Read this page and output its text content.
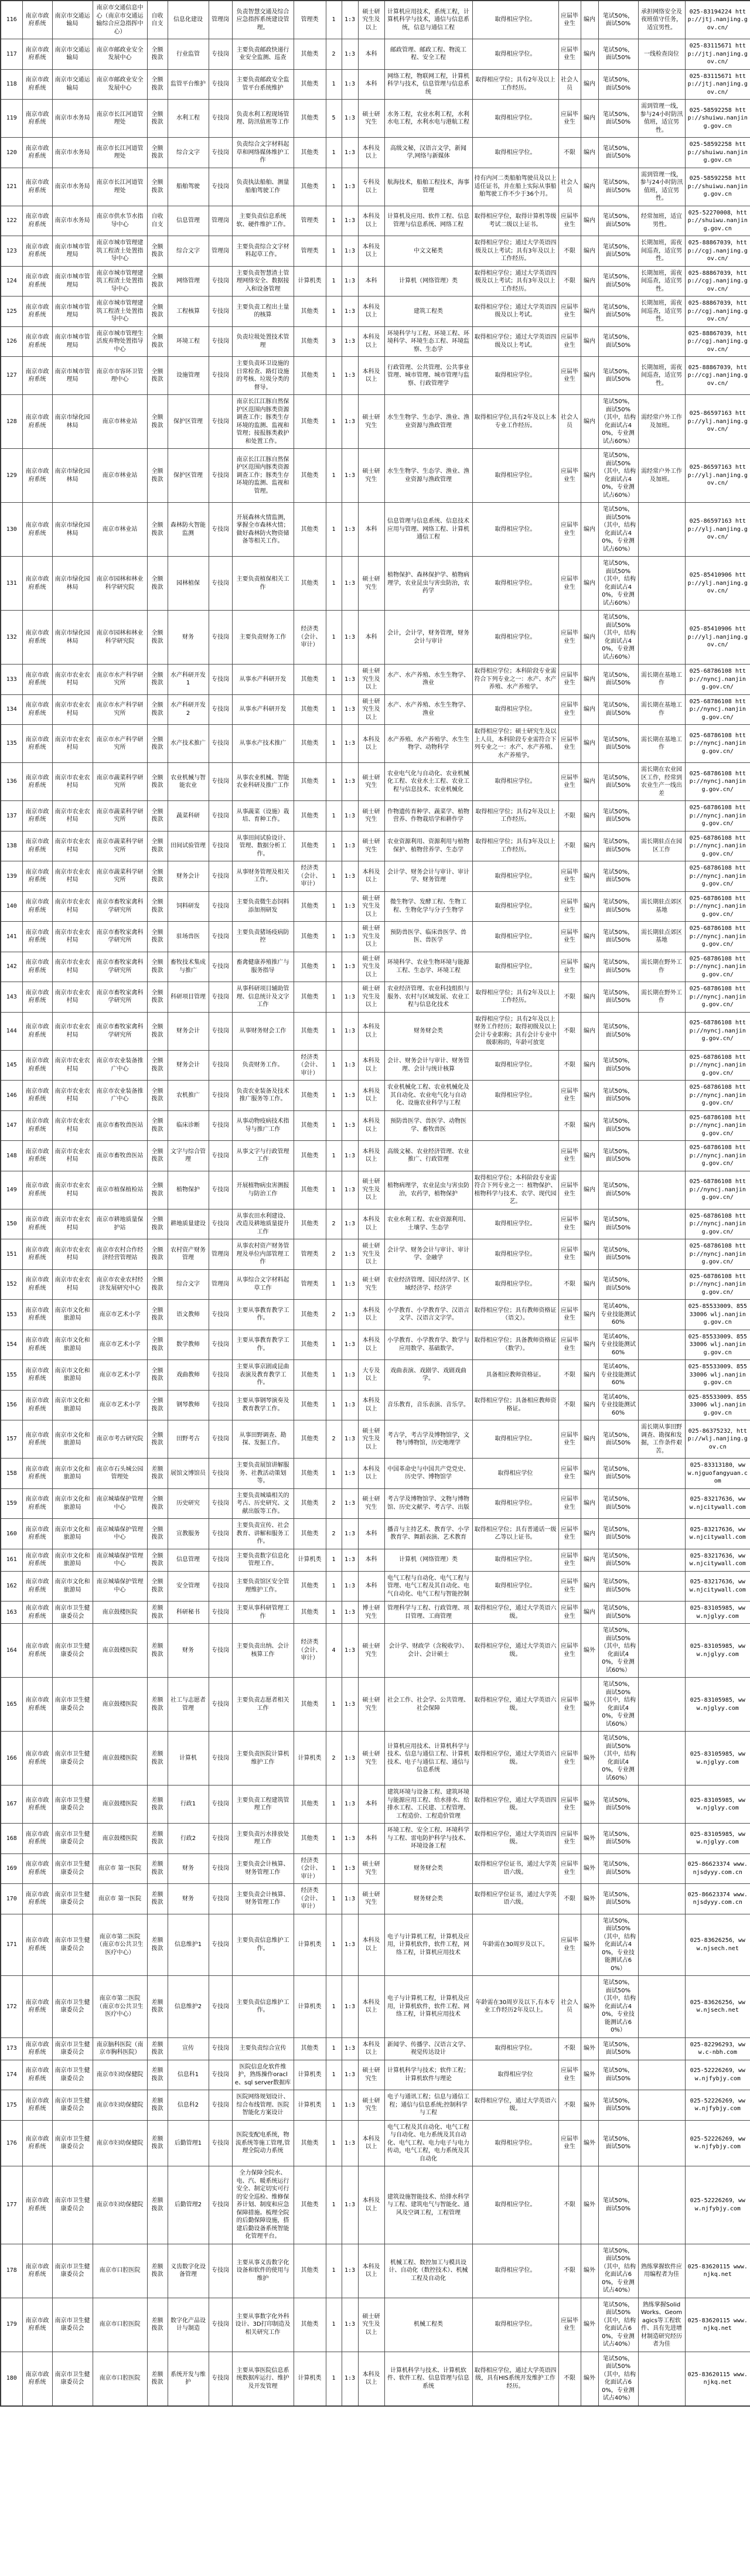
116	南京市政府系统	南京市交通运输局	南京市交通信息中心（南京市交通运输综合应急指挥中心）	自收自支	信息化建设	管理岗	负责智慧交通及综合应急指挥系统建设管理。	管理类	1	1:3	硕士研究生及以上	计算机应用技术，系统工程，计算机科学与技术，通信与信息系统，信息与通信工程	取得相应学位。	应届毕业生	编内	笔试50%，面试50%	承担网络安全及夜班值守任务，适宜男性。	025-83194224 http://jtj.nanjing.gov.cn/
117	南京市政府系统	南京市交通运输局	南京市邮政业安全发展中心	全额拨款	行业监管	专技岗	主要负责邮政快递行业安全监测、巡查	其他类	2	1:3	本科	邮政管理、邮政工程、物流工程、安全工程	取得相应学位。	应届毕业生	编内	笔试50%，面试50%	一线检查岗位	025-83115671 http://jtj.nanjing.gov.cn/
118	南京市政府系统	南京市交通运输局	南京市邮政业安全发展中心	全额拨款	监管平台维护	专技岗	主要负责邮政安全监管平台系统维护	其他类	1	1:3	本科	网络工程，物联网工程，计算机科学与技术，信息管理与信息系统	取得相应学位；具有2年及以上工作经历。	社会人员	编内	笔试50%，面试50%		025-83115671 http://jtj.nanjing.gov.cn/
119	南京市政府系统	南京市水务局	南京市长江河道管理处	全额拨款	水利工程	专技岗	负责水利工程现场管理、防汛值班等工作	其他类	5	1:3	硕士研究生	水务工程，农业水利工程，水利水电工程，水利水电与港航工程	取得相应学位。	应届毕业生	编内	笔试50%，面试50%	需到管理一线，参与24小时防汛值班，适宜男性。	025-58592258 http://shuiwu.nanjing.gov.cn
120	南京市政府系统	南京市水务局	南京市长江河道管理处	全额拨款	综合文字	专技岗	负责综合文字材料起草和网络媒体维护工作	其他类	1	1:3	本科及以上	高级文秘，汉语言文学，新闻学,网络与新媒体	取得相应学位。	不限	编内	笔试50%，面试50%		025-58592258 http://shuiwu.nanjing.gov.cn
121	南京市政府系统	南京市水务局	南京市长江河道管理处	全额拨款	船舶驾驶	专技岗	负责执法船舶、测量船舶驾驶工作	其他类	1	1:3	专科及以上	航海技术，船舶工程技术，海事管理	持有内河二类船舶驾驶员及以上适任证书，并在船上实际从事船舶驾驶工作不少于36个月。	社会人员	编内	笔试50%，面试50%	需到管理一线，参与24小时防汛值班，适宜男性。	025-58592258 http://shuiwu.nanjing.gov.cn
122	南京市政府系统	南京市水务局	南京市供水节水指导中心	自收自支	信息管理	管理岗	主要负责信息系统软、硬件维护工作。	管理类	1	1:3	本科及以上	计算机及应用、软件工程、信息管理与信息系统、网络工程	取得相应学位，取得计算机等级考试二级以上证书。	应届毕业生	编内	笔试50%，面试50%	经常加班，适宜男性。	025-52270008，http://shuiwu.nanjing.gov.cn
123	南京市政府系统	南京市城市管理局	南京市城市管理建筑工程渣土处置指导中心	全额拨款	综合文字	管理岗	主要负责综合文字材料起草工作。	管理类	1	1:3	本科及以上	中文文秘类	取得相应学位；通过大学英语四级及以上考试；具有3年及以上工作经历。	不限	编内	笔试50%，面试50%	长期加班，需夜间巡查，适宜男性。	025-88867039，http://cgj.nanjing.gov.cn/
124	南京市政府系统	南京市城市管理局	南京市城市管理建筑工程渣土处置指导中心	全额拨款	网络管理	专技岗	主要负责智慧渣土管理网络安全、数据接入和设备管理	计算机类	1	1:3	本科	计算机（网络管理）类	取得相应学位；通过大学英语四级及以上考试；具有3年及以上工作经历。	不限	编内	笔试50%，面试50%	长期加班，需夜间巡查，适宜男性。	025-88867039，http://cgj.nanjing.gov.cn/
125	南京市政府系统	南京市城市管理局	南京市城市管理建筑工程渣土处置指导中心	全额拨款	工程核算	专技岗	主要负责工程出土量的核算	其他类	1	1:3	本科及以上	建筑工程类	取得相应学位；通过大学英语四级及以上考试。	应届毕业生	编内	笔试50%，面试50%	长期加班，需夜间巡查，适宜男性。	025-88867039，http://cgj.nanjing.gov.cn/
126	南京市政府系统	南京市城市管理局	南京市城市管理生活废弃物处置指导中心	全额拨款	环境工程	专技岗	负责垃圾处置技术管理	其他类	3	1:3	本科及以上	环境科学与工程、环境工程、环境科学、环境生态工程、环境监察、生态学	取得相应学位；通过大学英语四级及以上考试。	应届毕业生	编内	笔试50%，面试50%		025-88867039，http://cgj.nanjing.gov.cn/
127	南京市政府系统	南京市城市管理局	南京市市容环卫管理中心	全额拨款	设施管理	专技岗	主要负责环卫设施的日常检查、路灯设施的考核、垃圾分类的督导。	其他类	1	1:3	本科及以上	行政管理、公共管理、公共事业管理、城市管理、城市管理与监察、行政管理学	取得相应学位。	应届毕业生	编内	笔试50%，面试50%	长期加班，需夜间巡查，适宜男性。	025-88867039，http://cgj.nanjing.gov.cn/
128	南京市政府系统	南京市绿化园林局	南京市林业站	全额拨款	保护区管理	专技岗	南京长江江豚自然保护区范围内豚类资源调查工作；豚类生存环境的监测、监视和管理；接报豚类救护和处置工作。	其他类	1	1:3	硕士研究生	水生生物学、生态学、渔业、渔业资源与渔政管理	取得相应学位,具有2年及以上本专业工作经历。	社会人员	编内	笔试50%，面试50%（其中，结构化面试占40%，专业测试占60%）	需经常户外工作及加班。	025-86597163 http://ylj.nanjing.gov.cn/
129	南京市政府系统	南京市绿化园林局	南京市林业站	全额拨款	保护区管理	专技岗	南京长江江豚自然保护区范围内豚类资源调查工作；豚类生存环境的监测、监视和管理。	其他类	1	1:3	硕士研究生	水生生物学、生态学、渔业、渔业资源与渔政管理	取得相应学位。	应届毕业生	编内	笔试50%，面试50%（其中，结构化面试占40%，专业测试占60%）	需经常户外工作及加班。	025-86597163 http://ylj.nanjing.gov.cn/
130	南京市政府系统	南京市绿化园林局	南京市林业站	全额拨款	森林防火智能监测	专技岗	开展森林火情监测，掌握全市森林火情；做好森林防火物资储备等相关工作。	其他类	1	1:3	本科	信息管理与信息系统、信息技术应用与管理、网络工程、计算机通信工程	取得相应学位。	应届毕业生	编内	笔试50%，面试50%（其中，结构化面试占40%，专业测试占60%）		025-86597163 http://ylj.nanjing.gov.cn/
131	南京市政府系统	南京市绿化园林局	南京市园林和林业科学研究院	全额拨款	园林植保	专技岗	主要负责植保相关工作	其他类	1	1:3	硕士研究生	植物保护、森林保护学、植物病理学，农业昆虫与害虫防治，农药学	取得相应学位。	应届毕业生	编内	笔试50%，面试50%（其中，结构化面试占40%，专业测试占60%）		025-85410906 http://ylj.nanjing.gov.cn/
132	南京市政府系统	南京市绿化园林局	南京市园林和林业科学研究院	全额拨款	财务	专技岗	主要负责财务工作	经济类（会计、审计）	1	1:3	本科	会计，会计学，财务管理，财务会计与审计	取得相应学位。	应届毕业生	编内	笔试50%，面试50%（其中，结构化面试占40%，专业测试占60%）		025-85410906 http://ylj.nanjing.gov.cn/
133	南京市政府系统	南京市农业农村局	南京市水产科学研究所	全额拨款	水产科研开发1	专技岗	从事水产科研开发	其他类	1	1:3	硕士研究生及以上	水产、水产养殖、水生生物学、渔业	取得相应学位；本科阶段专业需符合下列专业之一：水产、水产养殖、水产养殖学。	应届毕业生	编内	笔试50%，面试50%	需长期在基地工作	025-68786108 http://nyncj.nanjing.gov.cn/
134	南京市政府系统	南京市农业农村局	南京市水产科学研究所	全额拨款	水产科研开发2	专技岗	从事水产科研开发	其他类	1	1:3	硕士研究生及以上	水产、水产养殖、水生生物学、渔业	取得相应学位。	应届毕业生	编内	笔试50%，面试50%	需长期在基地工作	025-68786108 http://nyncj.nanjing.gov.cn/
135	南京市政府系统	南京市农业农村局	南京市水产科学研究所	全额拨款	水产技术推广	专技岗	从事水产技术推广	其他类	1	1:3	本科及以上	水产养殖、水产养殖学、水生生物学、动物科学	取得相应学位；硕士研究生及以上人员，本科阶段专业需符合下列专业之一：水产、水产养殖、水产养殖学。	应届毕业生	编内	笔试50%，面试50%	需长期在基地工作	025-68786108 http://nyncj.nanjing.gov.cn/
136	南京市政府系统	南京市农业农村局	南京市蔬菜科学研究所	全额拨款	农业机械与智能农业	专技岗	从事农业机械、智能农业科研及推广工作	其他类	1	1:3	硕士研究生	农业电气化与自动化、农业机械化工程、农业水土工程、农业工程与信息技术、农业机械化	取得相应学位。	应届毕业生	编内	笔试50%，面试50%	需长期在农业园区工作，经常到农业生产一线出差	025-68786108 http://nyncj.nanjing.gov.cn/
137	南京市政府系统	南京市农业农村局	南京市蔬菜科学研究所	全额拨款	蔬菜科研	专技岗	从事蔬菜（设施）栽培、育种工作。	其他类	1	1:3	硕士研究生	作物遗传育种学、蔬菜学、植物营养、作物栽培学和耕作学	取得相应学位；具有2年及以上工作经历。	不限	编内	笔试50%，面试50%		025-68786108 http://nyncj.nanjing.gov.cn/
138	南京市政府系统	南京市农业农村局	南京市蔬菜科学研究所	全额拨款	田间试验管理	专技岗	从事田间试验设计、管理、数据分析工作。	其他类	1	1:3	硕士研究生	农业资源利用、资源利用与植物保护、植物营养学、生态学	取得相应学位；具有3年及以上工作经历。	不限	编内	笔试50%，面试50%	需长期驻点在园区工作	025-68786108 http://nyncj.nanjing.gov.cn/
139	南京市政府系统	南京市农业农村局	南京市蔬菜科学研究所	全额拨款	财务会计	专技岗	从事财务管理及相关工作。	经济类（会计、审计）	1	1:3	本科及以上	会计学、财务会计与审计、审计学、财务管理	取得相应学位。	应届毕业生	编内	笔试50%，面试50%		025-68786108 http://nyncj.nanjing.gov.cn/
140	南京市政府系统	南京市农业农村局	南京市畜牧家禽科学研究所	全额拨款	饲料研发	专技岗	主要负责微生态饲料添加剂研发	其他类	1	1:3	硕士研究生及以上	微生物学、发酵工程、生物工程、生物化学与分子生物学	取得相应学位。	应届毕业生	编内	笔试50%，面试50%	需长期驻点郊区基地	025-68786108 http://nyncj.nanjing.gov.cn/
141	南京市政府系统	南京市农业农村局	南京市畜牧家禽科学研究所	全额拨款	驻场兽医	专技岗	主要负责猪场疫病防控	其他类	1	1:3	硕士研究生及以上	预防兽医学、临床兽医学、兽医、兽医学	取得相应学位。	应届毕业生	编内	笔试50%，面试50%	需长期驻点郊区基地	025-68786108 http://nyncj.nanjing.gov.cn/
142	南京市政府系统	南京市农业农村局	南京市畜牧家禽科学研究所	全额拨款	畜牧技术集成与推广	专技岗	畜禽健康养殖推广与服务指导	其他类	1	1:3	硕士研究生及以上	环境科学、农业生物环境与能源工程、生态学、环境工程	取得相应学位。	应届毕业生	编内	笔试50%，面试50%	需长期在野外工作	025-68786108 http://nyncj.nanjing.gov.cn/
143	南京市政府系统	南京市农业农村局	南京市畜牧家禽科学研究所	全额拨款	科研项目管理	专技岗	从事科研项目辅助管理、信息统计及文字工作	其他类	1	1:3	硕士研究生及以上	农业经济管理、农业科技组织与服务、农村与区域发展、农业工程与信息化技术	取得相应学位；具有2年及以上工作经历。	不限	编内	笔试50%，面试50%	需长期在野外工作	025-68786108 http://nyncj.nanjing.gov.cn/
144	南京市政府系统	南京市农业农村局	南京市畜牧家禽科学研究所	全额拨款	财务会计	专技岗	从事财务财会工作	其他类	1	1:3	本科及以上	财务财会类	取得相应学位；具有2年及以上财务工作经历；取得初级及以上会计专业职称；具有会计专业中级职称的，年龄可放宽	不限	编内	笔试50%，面试50%		025-68786108 http://nyncj.nanjing.gov.cn/
145	南京市政府系统	南京市农业农村局	南京市农业装备推广中心	全额拨款	财务会计	专技岗	负责财务工作。	经济类（会计、审计）	1	1:3	本科及以上	会计、财务会计与审计、财务管理、会计与统计核算	取得相应学位。	不限	编内	笔试50%，面试50%		025-68786108 http://nyncj.nanjing.gov.cn/
146	南京市政府系统	南京市农业农村局	南京市农业装备推广中心	全额拨款	农机推广	专技岗	负责农业装备及技术推广服务等工作。	其他类	1	1:3	本科及以上	农业机械化工程、农业机械化及其自动化、农业电气化与自动化、设施农业科学与工程	取得相应学位。	应届毕业生	编内	笔试50%，面试50%		025-68786108 http://nyncj.nanjing.gov.cn/
147	南京市政府系统	南京市农业农村局	南京市畜牧兽医站	全额拨款	临床诊断	专技岗	从事动物疫病技术指导与推广工作	其他类	1	1:3	本科及以上	预防兽医学、兽医学、动物医学、畜牧兽医		不限	编内	笔试50%，面试50%		025-68786108 http://nyncj.nanjing.gov.cn/
148	南京市政府系统	南京市农业农村局	南京市畜牧兽医站	全额拨款	文字与综合管理	专技岗	从事文字与行政管理工作	其他类	1	1:3	本科及以上	高级文秘、农业经济管理、农业推广、行政管理		应届毕业生	编内	笔试50%，面试50%		025-68786108 http://nyncj.nanjing.gov.cn/
149	南京市政府系统	南京市农业农村局	南京市植保植检站	全额拨款	植物保护	专技岗	开展植物病虫害测报与防治工作	其他类	1	1:3	硕士研究生及以上	植物病理学，农业昆虫与害虫防治，农药学，植物保护	取得相应学位；本科阶段专业需符合下列专业之一：植物保护、植物科学与技术、农学、现代园艺。	应届毕业生	编内	笔试50%，面试50%		025-68786108 http://nyncj.nanjing.gov.cn/
150	南京市政府系统	南京市农业农村局	南京市耕地质量保护站	全额拨款	耕地质量建设	专技岗	从事农田水利建设、改造及耕地质量提升工作	其他类	2	1:3	本科及以上	农业水利工程、农业资源利用、土壤学、生态学	取得相应学位。	应届毕业生	编内	笔试50%，面试50%		025-68786108 http://nyncj.nanjing.gov.cn/
151	南京市政府系统	南京市农业农村局	南京市农村合作经济经营管理站	全额拨款	农村资产财务管理	管理岗	从事农村资产财务管理及单位内部管理工作	管理类	2	1:3	硕士研究生及以上	会计学、财务会计与审计、审计学、金融学	取得相应学位。	应届毕业生	编内	笔试50%，面试50%		025-68786108 http://nyncj.nanjing.gov.cn/
152	南京市政府系统	南京市农业农村局	南京市农业农村经济发展研究中心	全额拨款	综合文字	管理岗	从事综合文字材料起草工作	管理类	1	1:3	硕士研究生	农业经济管理、国民经济学、区域经济学、经济学	取得相应学位。	不限	编内	笔试50%，面试50%		025-68786108 http://nyncj.nanjing.gov.cn/
153	南京市政府系统	南京市文化和旅游局	南京市艺术小学	全额拨款	语文教师	专技岗	主要从事教育教学工作。	其他类	2	1:3	本科及以上	小学教育、小学教育学、汉语言文学、汉语言文字学。	取得相应学位；具有教师资格证（语文）。	应届毕业生	编内	笔试40%，专业技能测试60%		025-85533009、85533006 wlj.nanjing.gov.cn
154	南京市政府系统	南京市文化和旅游局	南京市艺术小学	全额拨款	数学教师	专技岗	主要从事教育教学工作。	其他类	1	1:3	本科及以上	小学教育、小学教育学、数学与应用数学、基础数学。	取得相应学位；具备教师资格证（数学）。	应届毕业生	编内	笔试40%，专业技能测试60%		025-85533009、85533006 wlj.nanjing.gov.cn
155	南京市政府系统	南京市文化和旅游局	南京市艺术小学	全额拨款	戏曲教师	专技岗	主要从事京剧或昆曲表演及教育教学工作。	其他类	1	1:3	大专及以上	戏曲表演、戏剧学、戏剧戏曲学。	具备相应教师资格证。	不限	编内	笔试40%，专业技能测试60%		025-85533009、85533006 wlj.nanjing.gov.cn
156	南京市政府系统	南京市文化和旅游局	南京市艺术小学	全额拨款	钢琴教师	专技岗	主要从事钢琴演奏及教育教学工作。	其他类	1	1:3	本科及以上	音乐教育，音乐表演、音乐学。	取得相应学位；具备相应教师资格证。	不限	编内	笔试40%，专业技能测试60%		025-85533009、85533006 wlj.nanjing.gov.cn
157	南京市政府系统	南京市文化和旅游局	南京市考古研究院	全额拨款	田野考古	专技岗	从事田野调查、勘探、发掘工作。	其他类	2	1:3	硕士研究生及以上	考古学，考古学及博物馆学，文物与博物馆，历史地理学	取得相应学位。	应届毕业生	编内	笔试50%，面试50%	需长期从事田野调查、勘探和发掘，工作条件艰苦。	025-86375232，http://wlj.nanjing.gov.cn
158	南京市政府系统	南京市文化和旅游局	南京市石头城公园管理处	差额拨款	展馆文博馆员	专技岗	主要负责展馆讲解服务、社教活动策划等。	其他类	1	1:3	本科及以上	中国革命史与中国共产党党史、历史学、博物馆学	取得相应学位	应届毕业生	编内	笔试50%，面试50%		025-83313180，www.njguofangyuan.com
159	南京市政府系统	南京市文化和旅游局	南京城墙保护管理中心	全额拨款	历史研究	专技岗	主要负责城墙相关的考古、历史研究、文献出版等工作。	其他类	2	1:3	硕士研究生	考古学及博物馆学、文物与博物馆、历史文献学、考古学、出版	取得相应学位。	应届毕业生	编内	笔试50%，面试50%		025-83217636，www.njcitywall.com
160	南京市政府系统	南京市文化和旅游局	南京城墙保护管理中心	全额拨款	宣教服务	专技岗	主要负责宣传、社会教育、讲解和服务工作。	其他类	2	1:3	本科	播音与主持艺术、教育学、小学教育学、舞蹈表演、艺术教育	取得相应学位；具有普通话一级乙等以上证书。	应届毕业生	编内	笔试50%，面试50%		025-83217636，www.njcitywall.com
161	南京市政府系统	南京市文化和旅游局	南京城墙保护管理中心	全额拨款	信息管理	专技岗	主要负责数字信息化管理工作。	计算机类	1	1:3	本科	计算机（网络管理）类	取得相应学位。	应届毕业生	编内	笔试50%，面试50%		025-83217636，www.njcitywall.com
162	南京市政府系统	南京市文化和旅游局	南京城墙保护管理中心	全额拨款	安全管理	专技岗	主要负责馆区安全管理维护工作。	其他类	1	1:3	本科	电气工程与自动化、电气工程与管理、电气工程及其自动化、电气自动化、电气工程与智能控制	取得相应学位。	应届毕业生	编内	笔试50%，面试50%		025-83217636，www.njcitywall.com
163	南京市政府系统	南京市卫生健康委员会	南京鼓楼医院	差额拨款	科研秘书	专技岗	主要从事科研管理工作	其他类	1	1:3	博士研究生	管理科学与工程、行政管理、项目管理、工商管理	取得相应学位，通过大学英语六级。	应届毕业生	编内	笔试50%，面试50%		025-83105985，www.njglyy.com
164	南京市政府系统	南京市卫生健康委员会	南京鼓楼医院	差额拨款	财务	专技岗	主要负责出纳、会计核算工作	经济类（会计、审计）	4	1:3	硕士研究生	会计学、财政学（含税收学）、会计、会计硕士	取得相应学位，通过大学英语六级。	应届毕业生	编外	笔试50%，面试50%（其中，结构化面试40%，专业测试60%）		025-83105985，www.njglyy.com
165	南京市政府系统	南京市卫生健康委员会	南京鼓楼医院	差额拨款	社工与志愿者管理	专技岗	主要负责志愿者相关工作	其他类	1	1:3	硕士研究生	社会工作、社会学、公共管理、社会保障	取得相应学位，通过大学英语六级。	应届毕业生	编外	笔试50%，面试50%（其中，结构化面试40%，专业测试60%）		025-83105985，www.njglyy.com
166	南京市政府系统	南京市卫生健康委员会	南京鼓楼医院	差额拨款	计算机	专技岗	主要负责医院计算机维护工作	计算机类	2	1:3	硕士研究生	计算机应用技术、计算机科学与技术、信息与通信工程、计算机技术、电子与通信工程、通信与信息系统	取得相应学位，通过大学英语六级。	应届毕业生	编外	笔试50%，面试50%（其中，结构化面试40%，专业测试60%）		025-83105985，www.njglyy.com
167	南京市政府系统	南京市卫生健康委员会	南京鼓楼医院	差额拨款	行政1	专技岗	主要负责工程建筑管理工作	其他类	1	1:3	本科	建筑环境与设备工程、建筑环境与能源应用工程、给水排水、给排水工程、工民建、工程管理、工程造价、工程造价管理	取得相应学位，通过大学英语四级。	应届毕业生	编外	笔试50%，面试50%		025-83105985，www.njglyy.com
168	南京市政府系统	南京市卫生健康委员会	南京鼓楼医院	差额拨款	行政2	专技岗	主要负责污水排放处理工作	其他类	1	1:3	本科	环境工程、安全工程、环境科学与工程、雷电防护科学与技术、环境设备工程	取得相应学位，通过大学英语四级。	应届毕业生	编外	笔试50%，面试50%		025-83105985，www.njglyy.com
169	南京市政府系统	南京市卫生健康委员会	南京市 第一医院	差额拨款	财务	专技岗	主要负责会计核算、财务管理工作	经济类（会计、审计）	1	1:3	硕士研究生	财务财会类	取得相应学位证书，通过大学英语六级。	应届毕业生	编外	笔试50%，面试50%		025-86623374 www.njsdyyy.com.cn
170	南京市政府系统	南京市卫生健康委员会	南京市 第一医院	差额拨款	财务	专技岗	主要负责会计核算、财务管理工作	经济类（会计、审计）	1	1:3	硕士研究生	财务财会类	取得相应学位证书，通过大学英语六级。	不限	编外	笔试50%，面试50%		025-86623374 www.njsdyyy.com.cn
171	南京市政府系统	南京市卫生健康委员会	南京市第二医院（南京市公共卫生医疗中心）	差额拨款	信息维护1	专技岗	主要负责信息维护工作。	计算机类	1	1:3	本科及以上	电子与计算机工程，计算机及应用，计算机软件，软件工程，网络工程，计算机应用技术	年龄需在30周岁及以下。	应届毕业生	编外	笔试50%，面试50%（其中，结构化面试占40%，专业技能测试占60%）		025-83626256，www.njsech.net
172	南京市政府系统	南京市卫生健康委员会	南京市第二医院（南京市公共卫生医疗中心）	差额拨款	信息维护2	专技岗	主要负责信息维护工作。	计算机类	1	1:3	本科及以上	电子与计算机工程，计算机及应用，计算机软件，软件工程、网络工程，计算机应用技术	年龄需在30周岁及以下,有本专业工作经历2年及以上。	社会人员	编外	笔试50%，面试50%（其中，结构化面试占40%，专业技能测试占60%）		025-83626256，www.njsech.net
173	南京市政府系统	南京市卫生健康委员会	南京脑科医院（南京市胸科医院）	差额拨款	宣传	专技岗	主要负责综合宣传	其他类	1	1:3	本科及以上	新闻学、传播学、汉语言文学、视觉传达设计	取得相应学位。	不限	编外	笔试50%，面试50%		025-82296293，www.c-nbh.com
174	南京市政府系统	南京市卫生健康委员会	南京市妇幼保健院	差额拨款	信息科1	专技岗	医院信息化软件维护，熟练操作oracle、sql server数据库	计算机类	1	1:3	硕士研究生	计算机科学与技术；软件工程；计算机软件与理论	取得相应学位	应届毕业生	编外	笔试50%，面试50%		025-52226269，www.njfybjy.com
175	南京市政府系统	南京市卫生健康委员会	南京市妇幼保健院	差额拨款	信息科2	专技岗	医院网络规划设计、综合布线管理、医院智能化方案设计	计算机类	1	1:3	硕士研究生	电子与通讯工程；信息与通信工程；通信与信息系统;控制科学与工程	取得相应学位，通过大学英语六级。	不限	编外	笔试50%，面试50%		025-52226269，www.njfybjy.com
176	南京市政府系统	南京市卫生健康委员会	南京市妇幼保健院	差额拨款	后勤管理1	专技岗	医院变配电系统，物流系统等施工管理,管理全院动力系统	其他类	1	1:3	本科及以上	电气工程及其自动化、电气工程与自动化、电力系统及其自动化、电气工程、电力电子与电力传动，电气工程，电力系统及其自动化	取得相应学位。	应届毕业生	编外	笔试50%，面试50%		025-52226269，www.njfybjy.com
177	南京市政府系统	南京市卫生健康委员会	南京市妇幼保健院	差额拨款	后勤管理2	专技岗	全力保障全院水、电、汽、暖系统运行安全、制定切实可行的安全巡检、维修保养计划、制度和应急保障措施。梳理全院的后勤保障设施，搭建后勤设备系统智能化管理平台。	其他类	1	1:3	本科及以上	建筑设施智能技术、给排水科学与工程、建筑电气与智能化、通风及空调工程，工程管理	取得相应学位。	不限	编外	笔试50%，面试50%		025-52226269，www.njfybjy.com
178	南京市政府系统	南京市卫生健康委员会	南京市口腔医院	差额拨款	义齿数字化设备管理	专技岗	主要从事义齿数字化设备和软件的使用与维护	其他类	1	1:3	本科及以上	机械工程、数控加工与模具设计、自动化（数控技术）、机械工程及自动化	取得相应学位。	不限	编外	笔试50%，面试50%（其中，结构化面试占60%，专业测试占40%）	熟练掌握软件应用编程者为佳	025-83620115 www.njkq.net
179	南京市政府系统	南京市卫生健康委员会	南京市口腔医院	差额拨款	数字化产品设计与制造	专技岗	主要从事数字化外科设计、3D打印制造及相关研究工作	其他类	1	1:3	硕士研究生及以上	机械工程类	取得相应学位。	应届毕业生	编外	笔试50%，面试50%（其中，结构化面试占60%，专业测试占40%）	熟练掌握SolidWorks、Geomagics等工程软件、具有先进增材制造研究经历者为佳	025-83620115 www.njkq.net
180	南京市政府系统	南京市卫生健康委员会	南京市口腔医院	差额拨款	系统开发与维护	专技岗	主要从事医院信息系统数据库运行、维护及开发管理	计算机类	1	1:3	本科及以上	计算机科学与技术、计算机软件、软件工程、信息管理与信息系统	取得相应学位，通过大学英语四级，具有HIS系统开发维护工作经历。	不限	编外	笔试50%，面试50%（其中，结构化面试占60%，专业测试占40%）		025-83620115 www.njkq.net
